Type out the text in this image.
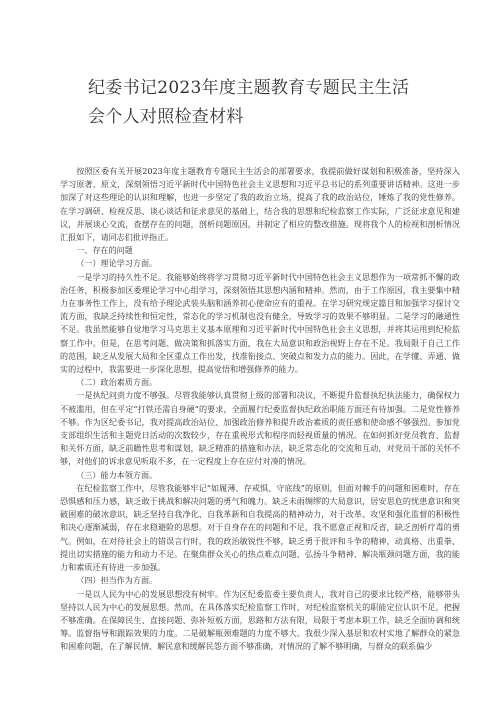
纪委书记2023年度主题教育专题民主生活会个人对照检查材料

按照区委有关开展2023年度主题教育专题民主生活会的部署要求，我提前做好谋划和积极准备，坚持深入学习原著、原文，深刻领悟习近平新时代中国特色社会主义思想和习近平总书记的系列重要讲话精神。这进一步加深了对这些理论的认识和理解，也进一步坚定了我的政治立场，提高了我的政治站位，锤炼了我的党性修养。在学习调研、检视反思、谈心谈话和征求意见的基础上，结合我的思想和纪检监察工作实际，广泛征求意见和建议，并展谈心交流，查摆存在的问题，剖析问题原因，并制定了相应的整改措施。现将我个人的检视和剖析情况汇报如下，请同志们批评指正。

一、存在的问题

（一）理论学习方面。

一是学习的持久性不足。我能够始终将学习贯彻习近平新时代中国特色社会主义思想作为一项常抓不懈的政治任务，积极参加区委理论学习中心组学习，深刻领悟其思想内涵和精神。然而，由于工作原因，我主要集中精力在事务性工作上，没有给予理论武装头脑和涵养初心使命应有的重视。在学习研究规定篇目和加强学习探讨交流方面，我缺乏持续性和恒定性，常态化的学习机制也没有健全，导致学习的效果不够明显。二是学习的融通性不足。我虽然能够自觉地学习马克思主义基本原理和习近平新时代中国特色社会主义思想，并将其运用到纪检监察工作中。但是，在思考问题、做决策和抓落实方面，我在大局意识和政治视野上存在不足。我局限于自己工作的范围，缺乏从发展大局和全区重点工作出发，找准衔接点、突破点和发力点的能力。因此，在学懂、弄通、做实的过程中，我需要进一步深化思想，提高觉悟和增强修养的能力。

（二）政治素质方面。

一是执纪问责力度不够强。尽管我能够认真贯彻上级的部署和决议，不断提升监督执纪执法能力，确保权力不被滥用，但在平定“打铁还需自身硬”的要求，全面履行纪委监督执纪政治职能方面还有待加强。二是党性修养不够。作为区纪委书记，我对提高政治站位、加强政治修养和提升政治素质的责任感和使命感不够强烈。参加党支部组织生活和主题党日活动的次数较少，存在重视形式和程序而轻视质量的情况。在如何抓好党员教育、监督和关怀方面，缺乏前瞻性思考和谋划，缺乏精准的措施和办法，缺乏常态化的交流和互动，对党员干部的关怀不够，对他们的诉求意见听取不多，在一定程度上存在应付对凑的情况。

（三）能力本领方面。

在纪检监察工作中，尽管我能够牢记“如履薄、存戒惧、守底线”的原则，但面对棘手的问题和困难时，存在恐惧感和压力感，缺乏敢于挑战和解决问题的勇气和魄力。缺乏未雨绸缪的大局意识，居安思危的忧患意识和突破困难的破冰意识，缺乏坚持自我净化、自我革新和自我提高的精神动力，对于改革、攻坚和强化监督的积极性和决心逐渐减弱，存在求稳避险的思想。对于自身存在的问题和不足，我不愿意正视和反省，缺乏剖析疗毒的勇气。例如，在对待社会上的错误言行时，我的政治敏锐性不够，缺乏勇于批评和斗争的精神，动真格、出重拳、提出切实措施的能力和动力不足。在聚焦群众关心的热点难点问题、弘扬斗争精神、解决瓶颈问题方面，我的能力和素质还有待进一步加强。

（四）担当作为方面。

一是以人民为中心的发展思想没有树牢。作为区纪委监委主要负责人，我对自己的要求比较严格，能够带头坚持以人民为中心的发展思想。然而，在具体落实纪检监察工作时，对纪检监察机关的职能定位认识不足，把握不够准确。在保障民生、直接问题、弥补短板方面，思路和方法有限，局限于考虑本职工作，缺乏全面协调和统筹。监督指导和跟踪效果的力度。二是破解瓶颈难题的力度不够大。我很少深入基层和农村实地了解群众的紧急和困难问题，在了解民情、解民意和缓解民怨方面不够准确，对情况的了解不够明确，与群众的联系偏少
